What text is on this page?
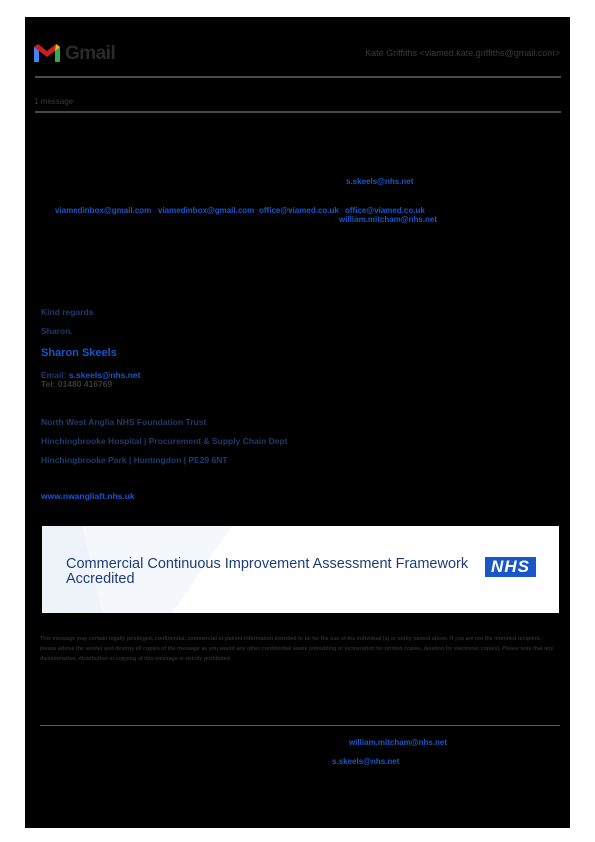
Gmail	Kate Griffiths <viamed.kate.griffiths@gmail.com>
1 message
s.skeels@nhs.net
viamedinbox@gmail.com viamedinbox@gmail.com office@viamed.co.uk office@viamed.co.uk
william.mitcham@nhs.net
Kind regards
Sharon.
Sharon Skeels
Email: s.skeels@nhs.net
Tel: 01480 416769
North West Anglia NHS Foundation Trust
Hinchingbrooke Hospital | Procurement & Supply Chain Dept
Hinchingbrooke Park | Huntingdon | PE29 6NT
www.nwangliaft.nhs.uk
Commercial Continuous Improvement Assessment Framework
Accredited
NHS
This message may contain legally privileged, confidential, commercial or patient information intended to be for the use of the individual (s) or entity named above. If you are not the intended recipient, please advise the sender and destroy all copies of the message as you would any other confidential waste (shredding or incineration for printed copies, deletion for electronic copies). Please note that any dissemination, distribution or copying of this message is strictly prohibited.
william.mitcham@nhs.net
s.skeels@nhs.net
